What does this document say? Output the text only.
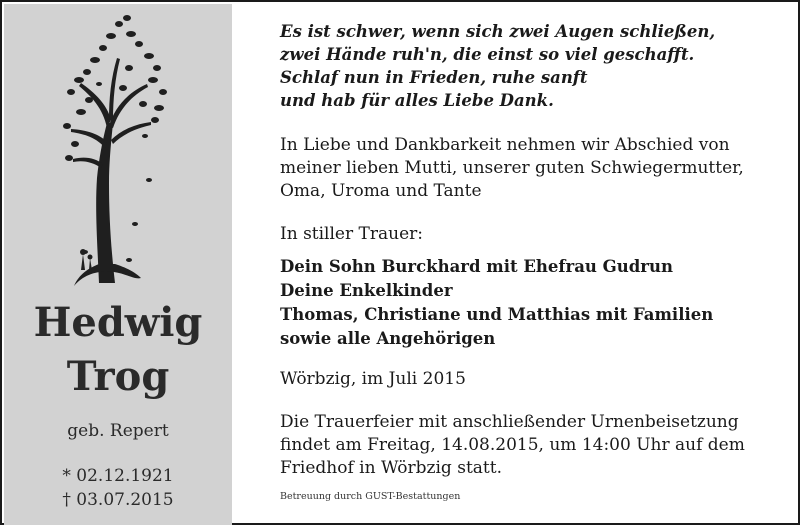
Hedwig
Trog
geb. Repert
* 02.12.1921
† 03.07.2015
Es ist schwer, wenn sich zwei Augen schließen,
zwei Hände ruh'n, die einst so viel geschafft.
Schlaf nun in Frieden, ruhe sanft
und hab für alles Liebe Dank.
In Liebe und Dankbarkeit nehmen wir Abschied von
meiner lieben Mutti, unserer guten Schwiegermutter,
Oma, Uroma und Tante
In stiller Trauer:
Dein Sohn Burckhard mit Ehefrau Gudrun
Deine Enkelkinder
Thomas, Christiane und Matthias mit Familien
sowie alle Angehörigen
Wörbzig, im Juli 2015
Die Trauerfeier mit anschließender Urnenbeisetzung
findet am Freitag, 14.08.2015, um 14:00 Uhr auf dem
Friedhof in Wörbzig statt.
Betreuung durch GUST-Bestattungen
